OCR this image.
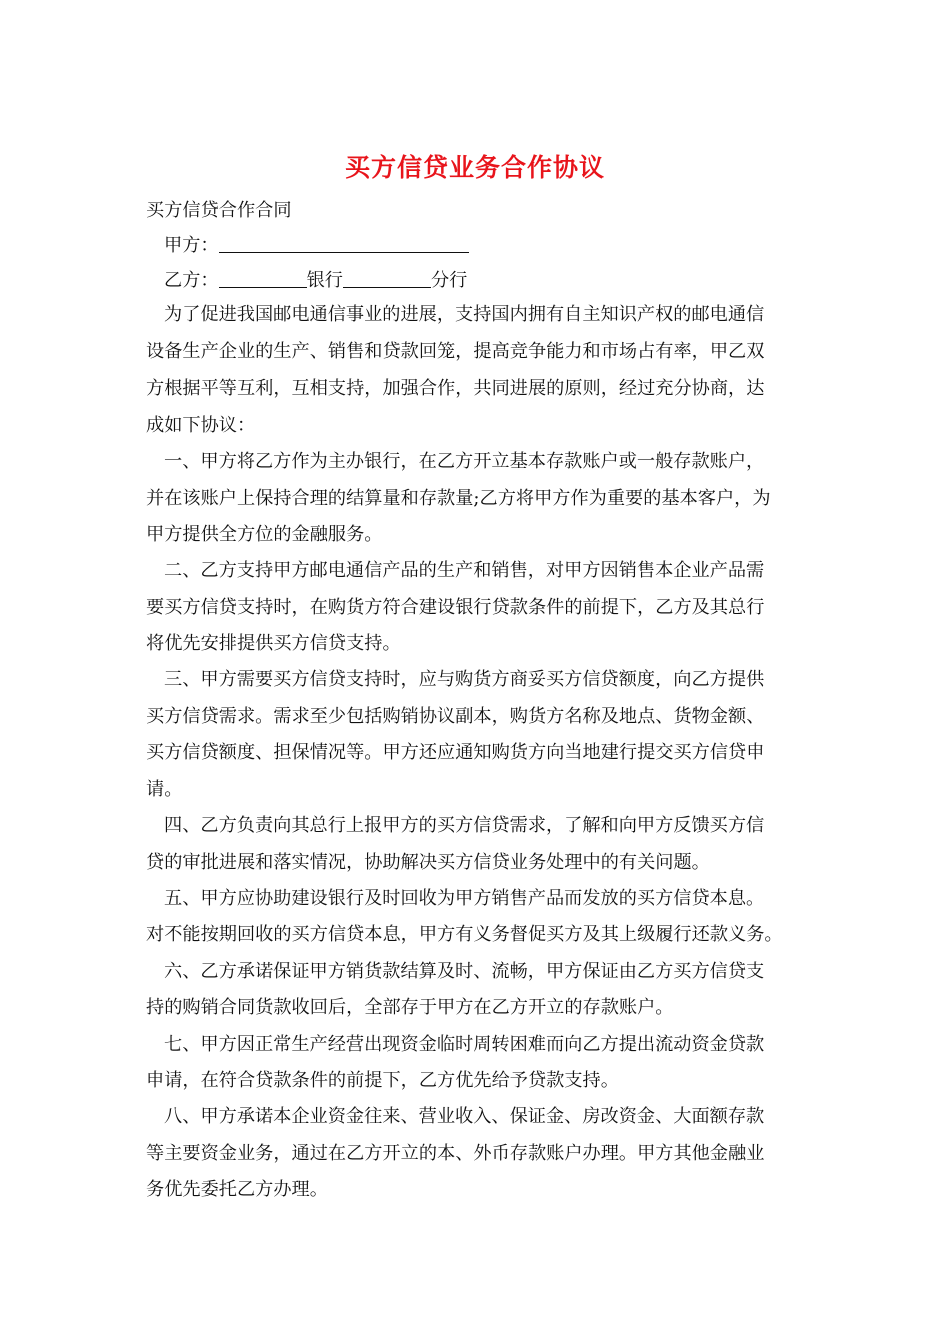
买方信贷业务合作协议
买方信贷合作合同
甲方：
乙方：	银行	分行
为了促进我国邮电通信事业的进展，支持国内拥有自主知识产权的邮电通信
设备生产企业的生产、销售和贷款回笼，提高竞争能力和市场占有率，甲乙双
方根据平等互利，互相支持，加强合作，共同进展的原则，经过充分协商，达
成如下协议：
一、甲方将乙方作为主办银行，在乙方开立基本存款账户或一般存款账户，
并在该账户上保持合理的结算量和存款量;乙方将甲方作为重要的基本客户，为
甲方提供全方位的金融服务。
二、乙方支持甲方邮电通信产品的生产和销售，对甲方因销售本企业产品需
要买方信贷支持时，在购货方符合建设银行贷款条件的前提下，乙方及其总行
将优先安排提供买方信贷支持。
三、甲方需要买方信贷支持时，应与购货方商妥买方信贷额度，向乙方提供
买方信贷需求。需求至少包括购销协议副本，购货方名称及地点、货物金额、
买方信贷额度、担保情况等。甲方还应通知购货方向当地建行提交买方信贷申
请。
四、乙方负责向其总行上报甲方的买方信贷需求，了解和向甲方反馈买方信
贷的审批进展和落实情况，协助解决买方信贷业务处理中的有关问题。
五、甲方应协助建设银行及时回收为甲方销售产品而发放的买方信贷本息。
对不能按期回收的买方信贷本息，甲方有义务督促买方及其上级履行还款义务。
六、乙方承诺保证甲方销货款结算及时、流畅，甲方保证由乙方买方信贷支
持的购销合同货款收回后，全部存于甲方在乙方开立的存款账户。
七、甲方因正常生产经营出现资金临时周转困难而向乙方提出流动资金贷款
申请，在符合贷款条件的前提下，乙方优先给予贷款支持。
八、甲方承诺本企业资金往来、营业收入、保证金、房改资金、大面额存款
等主要资金业务，通过在乙方开立的本、外币存款账户办理。甲方其他金融业
务优先委托乙方办理。
